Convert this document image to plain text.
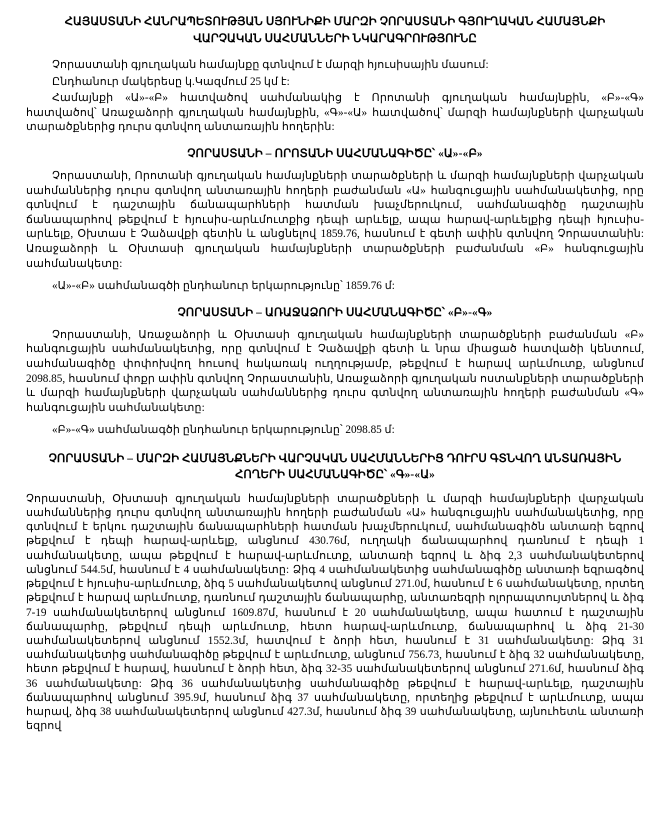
ՀԱՅԱՍՏԱՆԻ ՀԱՆՐԱՊԵՏՈՒԹՅԱՆ ՍՅՈՒՆԻՔԻ ՄԱՐԶԻ ՉՈՐԱՍՏԱՆԻ ԳՅՈՒՂԱԿԱՆ ՀԱՄԱՅՆՔԻ
ՎԱՐՉԱԿԱՆ ՍԱՀՄԱՆՆԵՐԻ ՆԿԱՐԱԳՐՈՒԹՅՈՒՆԸ

Չորաստանի գյուղական համայնքը գտնվում է մարզի հյուսիսային մասում:

Ընդհանուր մակերեսը կ.Կազմում 25 կմ է:

Համայնքի «Ա»-«Բ» հատվածով սահմանակից է Որոտանի գյուղական համայնքին, «Բ»-«Գ» հատվածով՝ Առաջաձորի գյուղական համայնքին, «Գ»-«Ա» հատվածով՝ մարզի համայնքների վարչական տարածքներից դուրս գտնվող անտառային հողերին:

ՉՈՐԱՍՏԱՆԻ – ՈՐՈՏԱՆԻ ՍԱՀՄԱՆԱԳԻԾԸ՝ «Ա»-«Բ»

Չորաստանի, Որոտանի գյուղական համայնքների տարածքների և մարզի համայնքների վարչական սահմաններից դուրս գտնվող անտառային հողերի բաժանման «Ա» հանգուցային սահմանակետից, որը գտնվում է դաշտային ճանապարհների հատման խաչմերուկում, սահմանագիծը դաշտային ճանապարհով թեքվում է հյուսիս-արևմուտքից դեպի արևելք, ապա հարավ-արևելքից դեպի հյուսիս-արևելք, Օխտաս է Չաձավքի գետին և անցնելով 1859.76, հասնում է գետի ափին գտնվող Չորաստանին: Առաջաձորի և Օխտասի գյուղական համայնքների տարածքների բաժանման «Բ» հանգուցային սահմանակետը:

«Ա»-«Բ» սահմանագծի ընդհանուր երկարությունը՝ 1859.76 մ:

ՉՈՐԱՍՏԱՆԻ – ԱՌԱՋԱՁՈՐԻ ՍԱՀՄԱՆԱԳԻԾԸ՝ «Բ»-«Գ»

Չորաստանի, Առաջաձորի և Օխտասի գյուղական համայնքների տարածքների բաժանման «Բ» հանգուցային սահմանակետից, որը գտնվում է Չաձավքի գետի և նրա միացած հատվածի կենտում, սահմանագիծը փոփոխվող հուսով հակառակ ուղղությամբ, թեքվում է հարավ արևմուտք, անցնում 2098.85, հասնում փոքր ափին գտնվող Չորաստանին, Առաջաձորի գյուղական ոստանքների տարածքների և մարզի համայնքների վարչական սահմաններից դուրս գտնվող անտառային հողերի բաժանման «Գ» հանգուցային սահմանակետը:

«Բ»-«Գ» սահմանագծի ընդհանուր երկարությունը՝ 2098.85 մ:

ՉՈՐԱՍՏԱՆԻ – ՄԱՐԶԻ ՀԱՄԱՅՆՔՆԵՐԻ ՎԱՐՉԱԿԱՆ ՍԱՀՄԱՆՆԵՐԻՑ ԴՈՒՐՍ ԳՏՆՎՈՂ ԱՆՏԱՌԱՅԻՆ ՀՈՂԵՐԻ ՍԱՀՄԱՆԱԳԻԾԸ՝ «Գ»-«Ա»

Չորաստանի, Օխտասի գյուղական համայնքների տարածքների և մարզի համայնքների վարչական սահմաններից դուրս գտնվող անտառային հողերի բաժանման «Ա» հանգուցային սահմանակետից, որը գտնվում է երկու դաշտային ճանապարհների հատման խաչմերուկում, սահմանագիծն անտառի եզրով թեքվում է դեպի հարավ-արևելք, անցնում 430.76մ, ուղղակի ճանապարհով դառնում է դեպի 1 սահմանակետը, ապա թեքվում է հարավ-արևմուտք, անտառի եզրով և ձիգ 2,3 սահմանակետերով անցնում 544.5մ, հասնում է 4 սահմանակետը: Ձիգ 4 սահմանակետից սահմանագիծը անտառի եզրագծով թեքվում է հյուսիս-արևմուտք, ձիգ 5 սահմանակետով անցնում 271.0մ, հասնում է 6 սահմանակետը, որտեղ թեքվում է հարավ արևմուտք, դառնում դաշտային ճանապարհը, անտառեզրի ոլորապտույտներով և ձիգ 7-19 սահմանակետերով անցնում 1609.87մ, հասնում է 20 սահմանակետը, ապա հատում է դաշտային ճանապարհը, թեքվում դեպի արևմուտք, հետո հարավ-արևմուտք, ճանապարհով և ձիգ 21-30 սահմանակետերով անցնում 1552.3մ, հատվում է ձորի հետ, հասնում է 31 սահմանակետը: Ձիգ 31 սահմանակետից սահմանագիծը թեքվում է արևմուտք, անցնում 756.73, հասնում է ձիգ 32 սահմանակետը, հետո թեքվում է հարավ, հասնում է ձորի հետ, ձիգ 32-35 սահմանակետերով անցնում 271.6մ, հասնում ձիգ 36 սահմանակետը: Ձիգ 36 սահմանակետից սահմանագիծը թեքվում է հարավ-արևելք, դաշտային ճանապարհով անցնում 395.9մ, հասնում ձիգ 37 սահմանակետը, որտեղից թեքվում է արևմուտք, ապա հարավ, ձիգ 38 սահմանակետերով անցնում 427.3մ, հասնում ձիգ 39 սահմանակետը, այնուհետև անտառի եզրով
